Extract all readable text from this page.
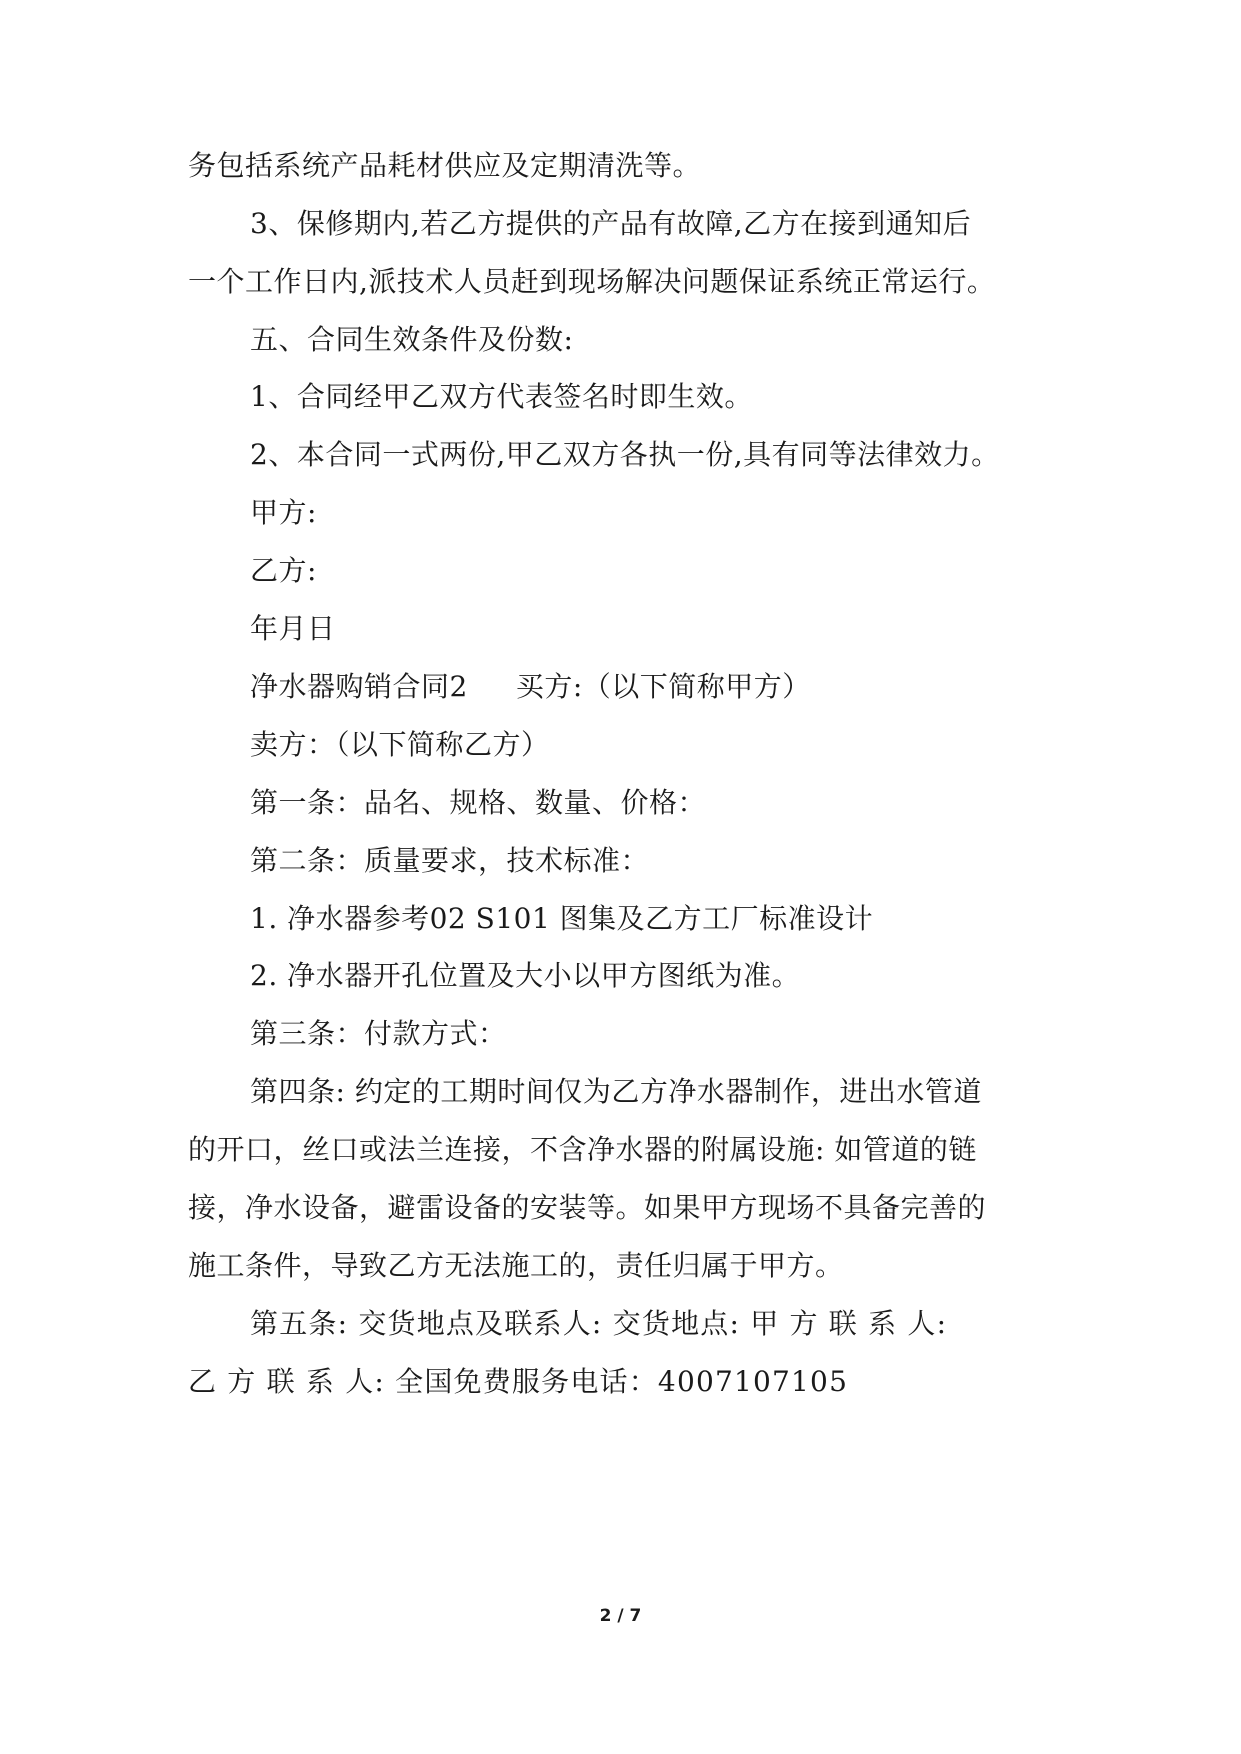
务包括系统产品耗材供应及定期清洗等。
3、保修期内,若乙方提供的产品有故障,乙方在接到通知后
一个工作日内,派技术人员赶到现场解决问题保证系统正常运行。
五、合同生效条件及份数:
1、合同经甲乙双方代表签名时即生效。
2、本合同一式两份,甲乙双方各执一份,具有同等法律效力。
甲方:
乙方:
年月日
净水器购销合同2 买方:（以下简称甲方）
卖方：（以下简称乙方）
第一条：品名、规格、数量、价格：
第二条：质量要求，技术标准：
1. 净水器参考02 S101 图集及乙方工厂标准设计
2. 净水器开孔位置及大小以甲方图纸为准。
第三条：付款方式：
第四条: 约定的工期时间仅为乙方净水器制作，进出水管道
的开口，丝口或法兰连接，不含净水器的附属设施: 如管道的链
接，净水设备，避雷设备的安装等。如果甲方现场不具备完善的
施工条件，导致乙方无法施工的，责任归属于甲方。
第五条: 交货地点及联系人: 交货地点: 甲 方 联 系 人:
乙 方 联 系 人: 全国免费服务电话：4007107105
2 / 7
